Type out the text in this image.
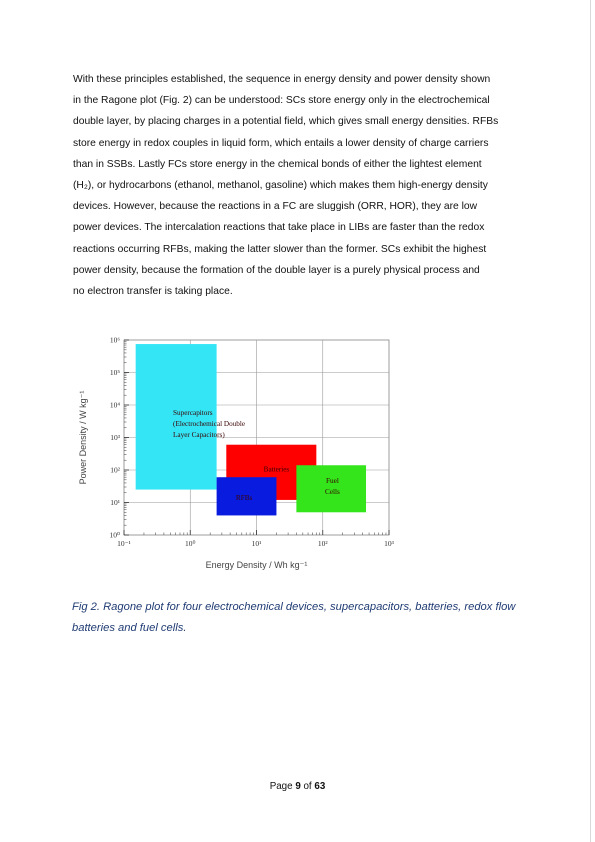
With these principles established, the sequence in energy density and power density shown
in the Ragone plot (Fig. 2) can be understood: SCs store energy only in the electrochemical
double layer, by placing charges in a potential field, which gives small energy densities. RFBs
store energy in redox couples in liquid form, which entails a lower density of charge carriers
than in SSBs. Lastly FCs store energy in the chemical bonds of either the lightest element
(H₂), or hydrocarbons (ethanol, methanol, gasoline) which makes them high-energy density
devices. However, because the reactions in a FC are sluggish (ORR, HOR), they are low
power devices. The intercalation reactions that take place in LIBs are faster than the redox
reactions occurring RFBs, making the latter slower than the former. SCs exhibit the highest
power density, because the formation of the double layer is a purely physical process and
no electron transfer is taking place.

Supercapitors
(Electrochemical Double
Layer Capacitors)
Batteries
RFBs
Fuel
Cells
10⁻¹	10⁰	10¹	10²	10³
10⁰
10¹
10²
10³
10⁴
10⁵
10⁶
Energy Density / Wh kg⁻¹
Power Density / W kg⁻¹

Fig 2. Ragone plot for four electrochemical devices, supercapacitors, batteries, redox flow
batteries and fuel cells.

Page 9 of 63
